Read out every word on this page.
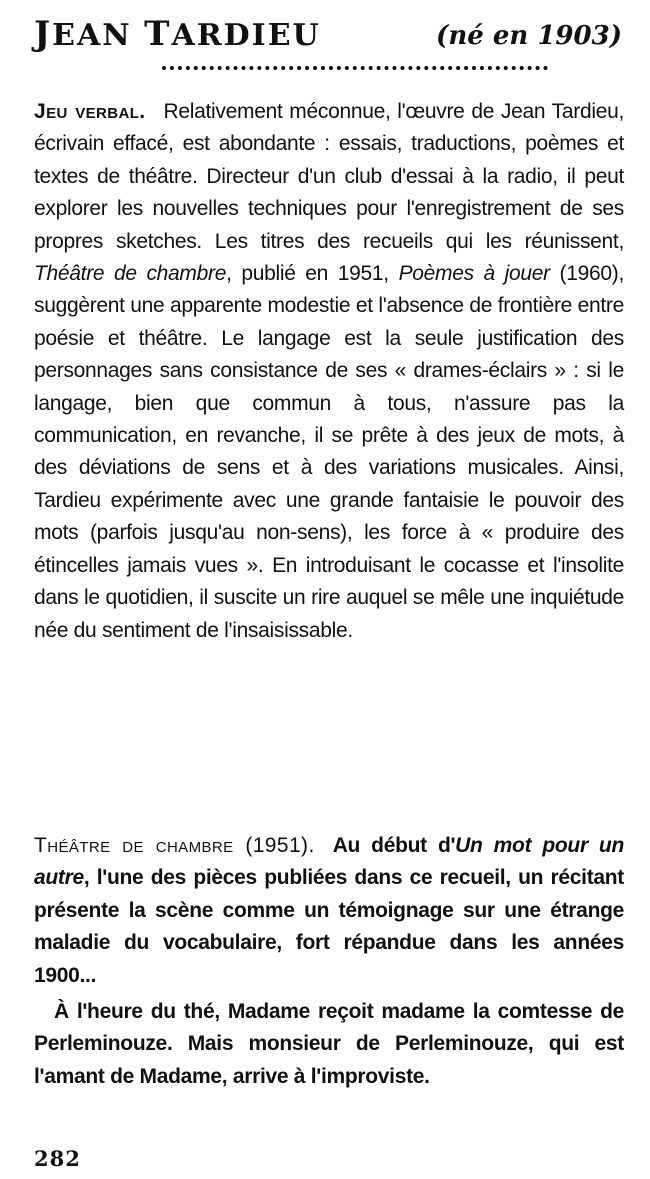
JEAN TARDIEU	(né en 1903)

Jeu verbal. Relativement méconnue, l'œuvre de Jean Tardieu, écrivain effacé, est abondante : essais, traductions, poèmes et textes de théâtre. Directeur d'un club d'essai à la radio, il peut explorer les nouvelles techniques pour l'enregistrement de ses propres sketches. Les titres des recueils qui les réunissent, Théâtre de chambre, publié en 1951, Poèmes à jouer (1960), suggèrent une apparente modestie et l'absence de frontière entre poésie et théâtre. Le langage est la seule justification des personnages sans consistance de ses « drames-éclairs » : si le langage, bien que commun à tous, n'assure pas la communication, en revanche, il se prête à des jeux de mots, à des déviations de sens et à des variations musicales. Ainsi, Tardieu expérimente avec une grande fantaisie le pouvoir des mots (parfois jusqu'au non-sens), les force à « produire des étincelles jamais vues ». En introduisant le cocasse et l'insolite dans le quotidien, il suscite un rire auquel se mêle une inquiétude née du sentiment de l'insaisissable.

Théâtre de chambre (1951). Au début d'Un mot pour un autre, l'une des pièces publiées dans ce recueil, un récitant présente la scène comme un témoignage sur une étrange maladie du vocabulaire, fort répandue dans les années 1900...

À l'heure du thé, Madame reçoit madame la comtesse de Perleminouze. Mais monsieur de Perleminouze, qui est l'amant de Madame, arrive à l'improviste.

282
